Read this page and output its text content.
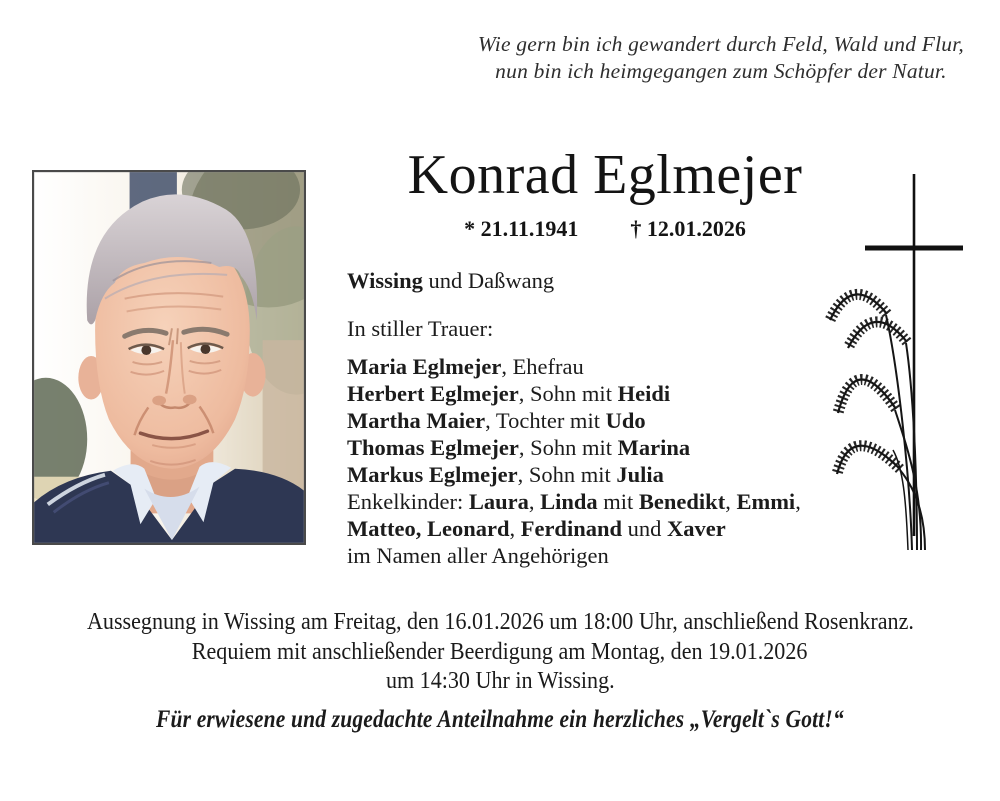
Wie gern bin ich gewandert durch Feld, Wald und Flur,
nun bin ich heimgegangen zum Schöpfer der Natur.
Konrad Eglmejer
* 21.11.1941 † 12.01.2026
Wissing und Daßwang
In stiller Trauer:
Maria Eglmejer, Ehefrau
Herbert Eglmejer, Sohn mit Heidi
Martha Maier, Tochter mit Udo
Thomas Eglmejer, Sohn mit Marina
Markus Eglmejer, Sohn mit Julia
Enkelkinder: Laura, Linda mit Benedikt, Emmi,
Matteo, Leonard, Ferdinand und Xaver
im Namen aller Angehörigen
Aussegnung in Wissing am Freitag, den 16.01.2026 um 18:00 Uhr, anschließend Rosenkranz.
Requiem mit anschließender Beerdigung am Montag, den 19.01.2026
um 14:30 Uhr in Wissing.
Für erwiesene und zugedachte Anteilnahme ein herzliches „Vergelt`s Gott!“
